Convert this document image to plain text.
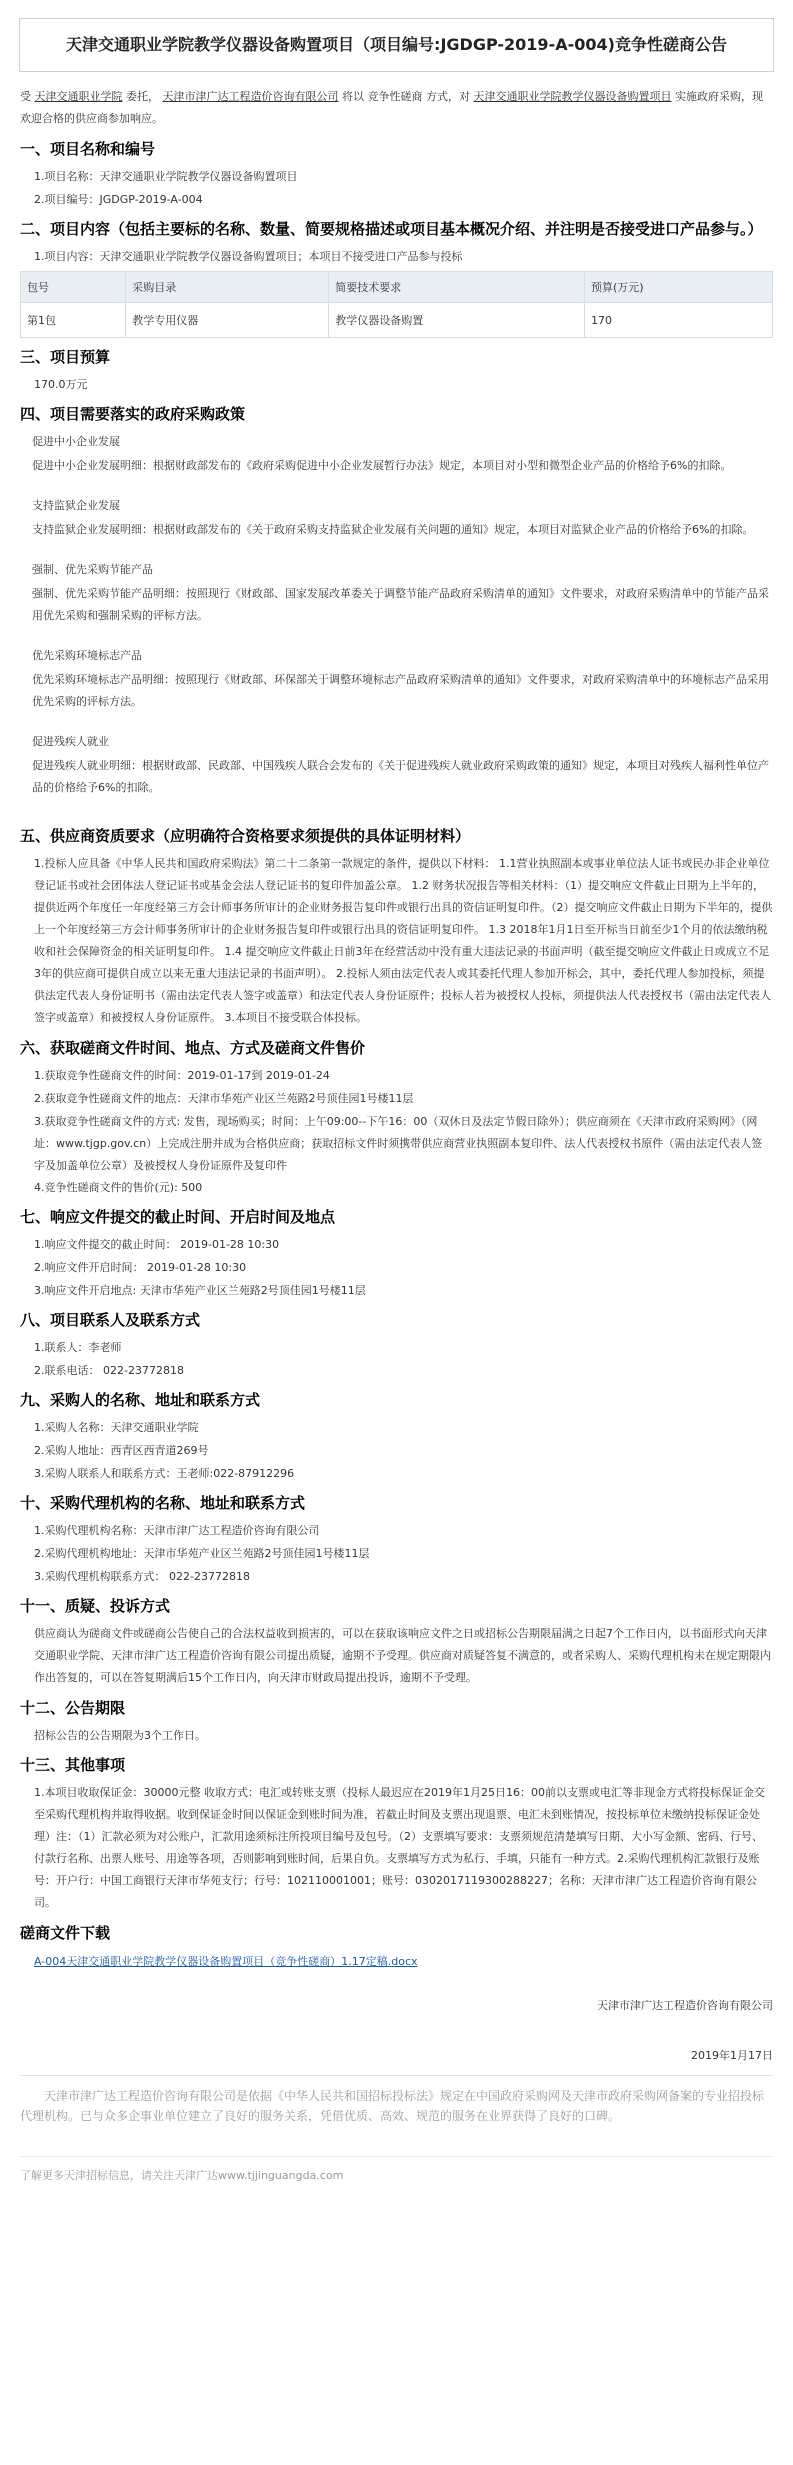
天津交通职业学院教学仪器设备购置项目（项目编号:JGDGP-2019-A-004)竞争性磋商公告
受 天津交通职业学院 委托， 天津市津广达工程造价咨询有限公司 将以 竞争性磋商 方式，对 天津交通职业学院教学仪器设备购置项目 实施政府采购，现欢迎合格的供应商参加响应。
一、项目名称和编号
1.项目名称：天津交通职业学院教学仪器设备购置项目
2.项目编号：JGDGP-2019-A-004
二、项目内容（包括主要标的名称、数量、简要规格描述或项目基本概况介绍、并注明是否接受进口产品参与。）
1.项目内容：天津交通职业学院教学仪器设备购置项目；本项目不接受进口产品参与投标
包号	采购目录	简要技术要求	预算(万元)
第1包	教学专用仪器	教学仪器设备购置	170
三、项目预算
170.0万元
四、项目需要落实的政府采购政策
促进中小企业发展
促进中小企业发展明细：根据财政部发布的《政府采购促进中小企业发展暂行办法》规定，本项目对小型和微型企业产品的价格给予6%的扣除。
支持监狱企业发展
支持监狱企业发展明细：根据财政部发布的《关于政府采购支持监狱企业发展有关问题的通知》规定，本项目对监狱企业产品的价格给予6%的扣除。
强制、优先采购节能产品
强制、优先采购节能产品明细：按照现行《财政部、国家发展改革委关于调整节能产品政府采购清单的通知》文件要求，对政府采购清单中的节能产品采用优先采购和强制采购的评标方法。
优先采购环境标志产品
优先采购环境标志产品明细：按照现行《财政部、环保部关于调整环境标志产品政府采购清单的通知》文件要求，对政府采购清单中的环境标志产品采用优先采购的评标方法。
促进残疾人就业
促进残疾人就业明细：根据财政部、民政部、中国残疾人联合会发布的《关于促进残疾人就业政府采购政策的通知》规定，本项目对残疾人福利性单位产品的价格给予6%的扣除。
五、供应商资质要求（应明确符合资格要求须提供的具体证明材料）
1.投标人应具备《中华人民共和国政府采购法》第二十二条第一款规定的条件，提供以下材料： 1.1营业执照副本或事业单位法人证书或民办非企业单位登记证书或社会团体法人登记证书或基金会法人登记证书的复印件加盖公章。 1.2 财务状况报告等相关材料：（1）提交响应文件截止日期为上半年的，提供近两个年度任一年度经第三方会计师事务所审计的企业财务报告复印件或银行出具的资信证明复印件。（2）提交响应文件截止日期为下半年的，提供上一个年度经第三方会计师事务所审计的企业财务报告复印件或银行出具的资信证明复印件。 1.3 2018年1月1日至开标当日前至少1个月的依法缴纳税收和社会保障资金的相关证明复印件。 1.4 提交响应文件截止日前3年在经营活动中没有重大违法记录的书面声明（截至提交响应文件截止日或成立不足3年的供应商可提供自成立以来无重大违法记录的书面声明）。 2.投标人须由法定代表人或其委托代理人参加开标会，其中，委托代理人参加投标，须提供法定代表人身份证明书（需由法定代表人签字或盖章）和法定代表人身份证原件；投标人若为被授权人投标，须提供法人代表授权书（需由法定代表人签字或盖章）和被授权人身份证原件。 3.本项目不接受联合体投标。
六、获取磋商文件时间、地点、方式及磋商文件售价
1.获取竞争性磋商文件的时间：2019-01-17到 2019-01-24
2.获取竞争性磋商文件的地点：天津市华苑产业区兰苑路2号顶佳园1号楼11层
3.获取竞争性磋商文件的方式: 发售，现场购买；时间：上午09:00--下午16：00（双休日及法定节假日除外）；供应商须在《天津市政府采购网》（网址：www.tjgp.gov.cn）上完成注册并成为合格供应商；获取招标文件时须携带供应商营业执照副本复印件、法人代表授权书原件（需由法定代表人签字及加盖单位公章）及被授权人身份证原件及复印件
4.竞争性磋商文件的售价(元): 500
七、响应文件提交的截止时间、开启时间及地点
1.响应文件提交的截止时间： 2019-01-28 10:30
2.响应文件开启时间： 2019-01-28 10:30
3.响应文件开启地点: 天津市华苑产业区兰苑路2号顶佳园1号楼11层
八、项目联系人及联系方式
1.联系人：李老师
2.联系电话： 022-23772818
九、采购人的名称、地址和联系方式
1.采购人名称：天津交通职业学院
2.采购人地址：西青区西青道269号
3.采购人联系人和联系方式：王老师:022-87912296
十、采购代理机构的名称、地址和联系方式
1.采购代理机构名称：天津市津广达工程造价咨询有限公司
2.采购代理机构地址：天津市华苑产业区兰苑路2号顶佳园1号楼11层
3.采购代理机构联系方式： 022-23772818
十一、质疑、投诉方式
供应商认为磋商文件或磋商公告使自己的合法权益收到损害的，可以在获取该响应文件之日或招标公告期限届满之日起7个工作日内，以书面形式向天津交通职业学院、天津市津广达工程造价咨询有限公司提出质疑，逾期不予受理。供应商对质疑答复不满意的，或者采购人、采购代理机构未在规定期限内作出答复的，可以在答复期满后15个工作日内，向天津市财政局提出投诉，逾期不予受理。
十二、公告期限
招标公告的公告期限为3个工作日。
十三、其他事项
1.本项目收取保证金：30000元整 收取方式：电汇或转账支票（投标人最迟应在2019年1月25日16：00前以支票或电汇等非现金方式将投标保证金交至采购代理机构并取得收据。收到保证金时间以保证金到账时间为准，若截止时间及支票出现退票、电汇未到账情况，按投标单位未缴纳投标保证金处理）注：（1）汇款必须为对公账户，汇款用途须标注所投项目编号及包号。（2）支票填写要求：支票须规范清楚填写日期、大小写金额、密码、行号、付款行名称、出票人账号、用途等各项，否则影响到账时间，后果自负。支票填写方式为私行、手填，只能有一种方式。2.采购代理机构汇款银行及账号：开户行：中国工商银行天津市华苑支行；行号：102110001001；账号：0302017119300288227；名称：天津市津广达工程造价咨询有限公司。
磋商文件下载
A-004天津交通职业学院教学仪器设备购置项目（竞争性磋商）1.17定稿.docx
天津市津广达工程造价咨询有限公司
2019年1月17日

天津市津广达工程造价咨询有限公司是依据《中华人民共和国招标投标法》规定在中国政府采购网及天津市政府采购网备案的专业招投标代理机构。已与众多企事业单位建立了良好的服务关系，凭借优质、高效、规范的服务在业界获得了良好的口碑。

了解更多天津招标信息，请关注天津广达www.tjjinguangda.com
